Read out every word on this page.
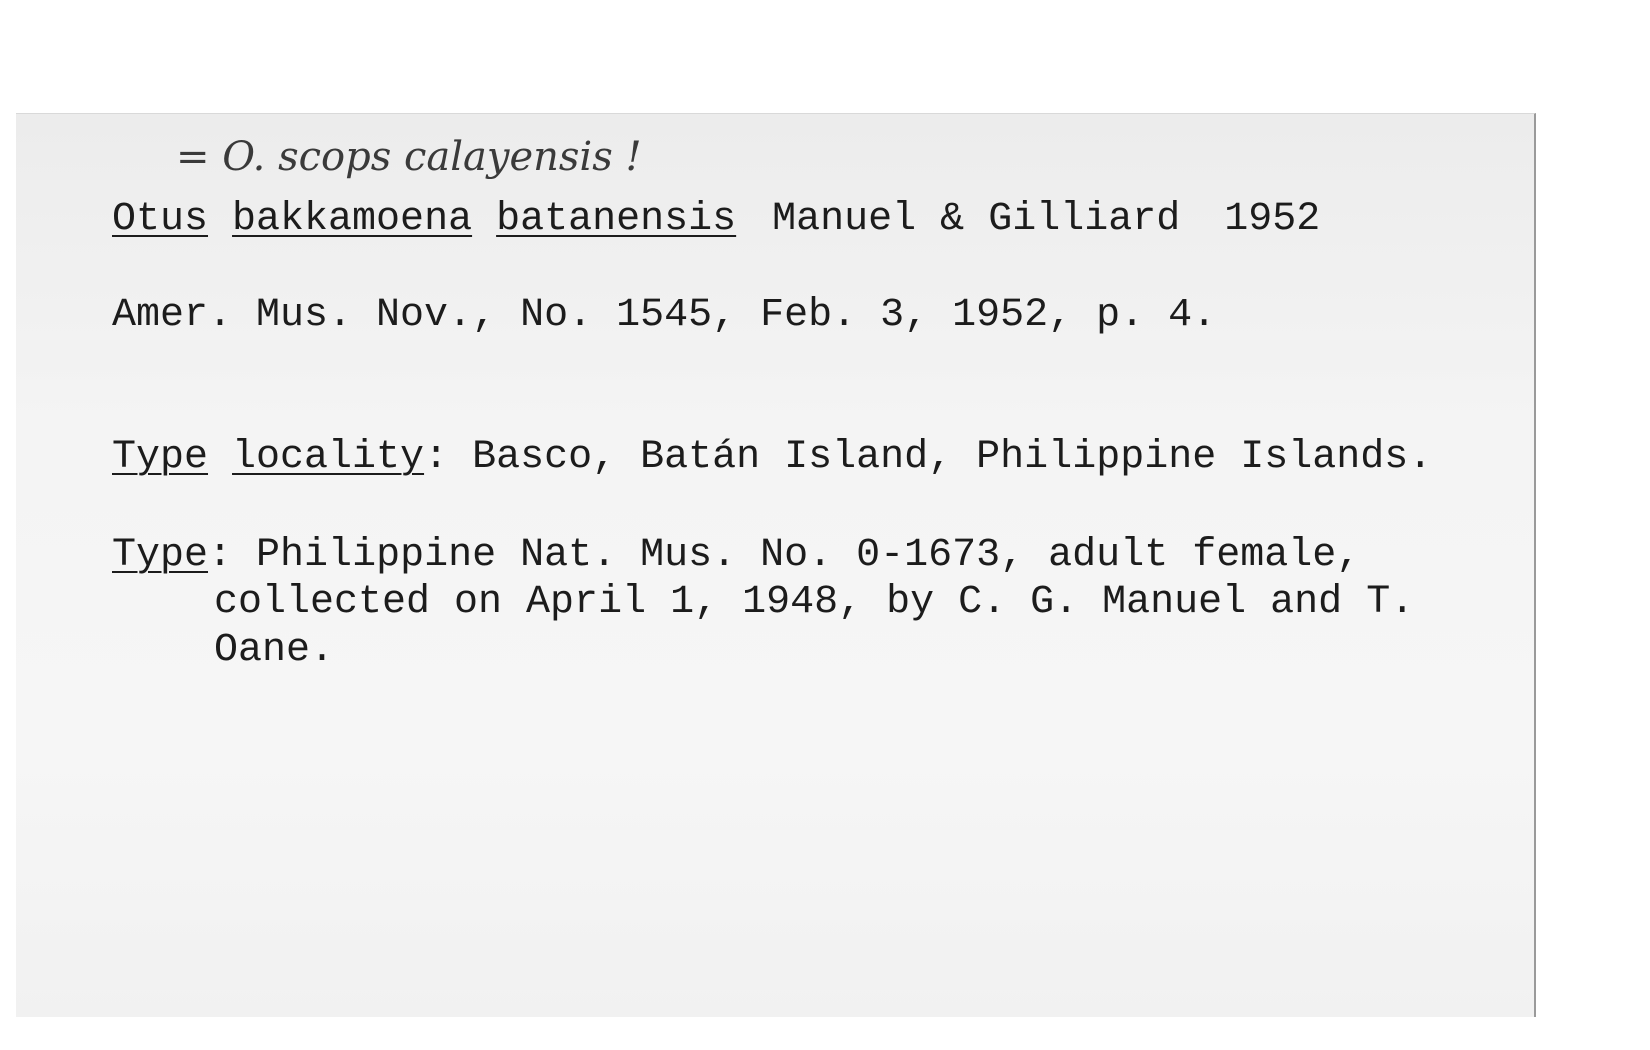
= O. scops calayensis !
Otus bakkamoena batanensis Manuel & Gilliard 1952
Amer. Mus. Nov., No. 1545, Feb. 3, 1952, p. 4.
Type locality: Basco, Batán Island, Philippine Islands.
Type: Philippine Nat. Mus. No. 0-1673, adult female,
collected on April 1, 1948, by C. G. Manuel and T.
Oane.
